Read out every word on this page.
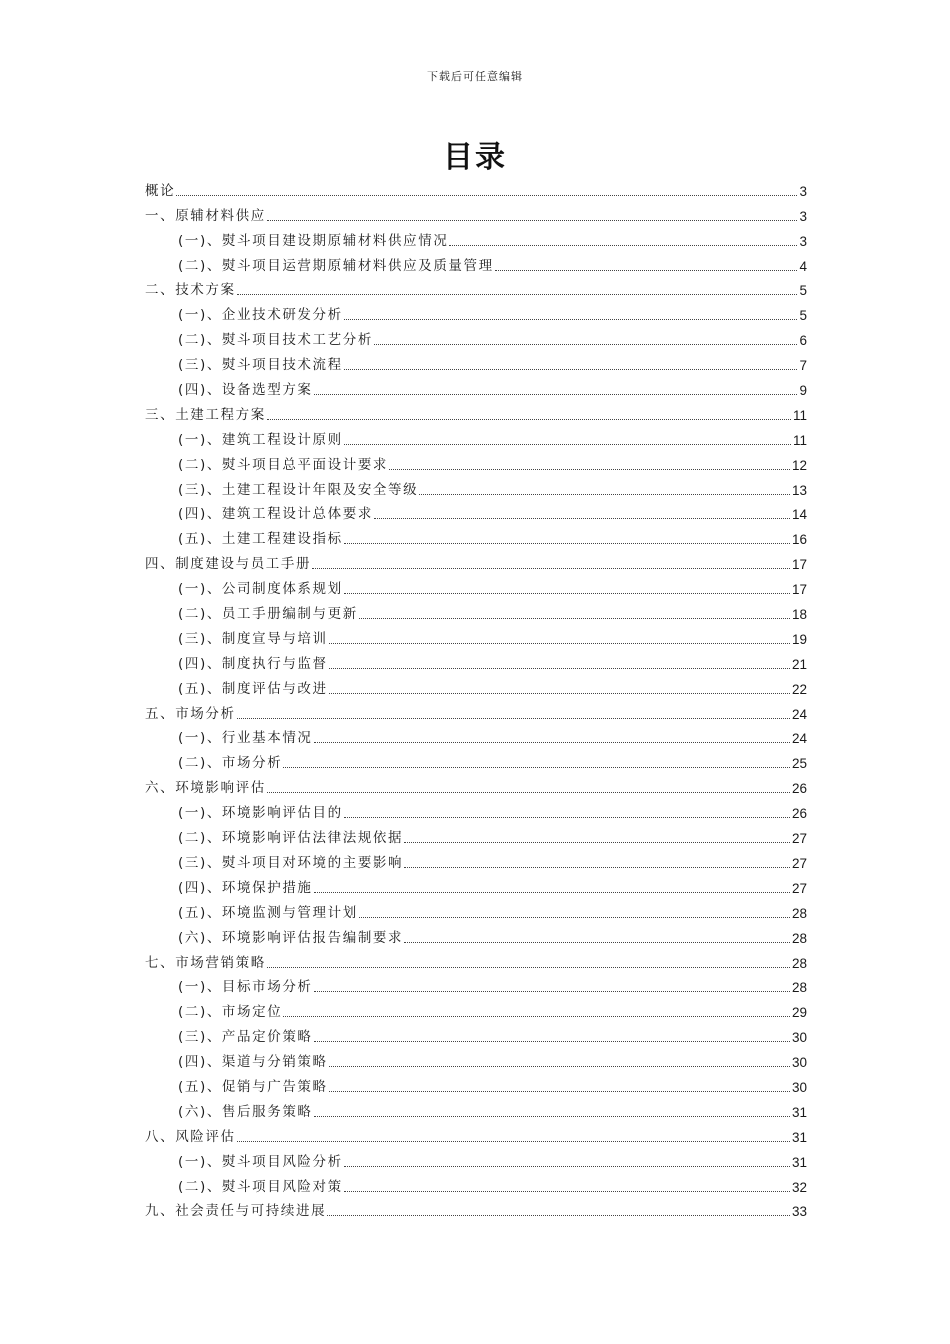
下载后可任意编辑
目录
概论	3
一、原辅材料供应	3
(一)、熨斗项目建设期原辅材料供应情况	3
(二)、熨斗项目运营期原辅材料供应及质量管理	4
二、技术方案	5
(一)、企业技术研发分析	5
(二)、熨斗项目技术工艺分析	6
(三)、熨斗项目技术流程	7
(四)、设备选型方案	9
三、土建工程方案	11
(一)、建筑工程设计原则	11
(二)、熨斗项目总平面设计要求	12
(三)、土建工程设计年限及安全等级	13
(四)、建筑工程设计总体要求	14
(五)、土建工程建设指标	16
四、制度建设与员工手册	17
(一)、公司制度体系规划	17
(二)、员工手册编制与更新	18
(三)、制度宣导与培训	19
(四)、制度执行与监督	21
(五)、制度评估与改进	22
五、市场分析	24
(一)、行业基本情况	24
(二)、市场分析	25
六、环境影响评估	26
(一)、环境影响评估目的	26
(二)、环境影响评估法律法规依据	27
(三)、熨斗项目对环境的主要影响	27
(四)、环境保护措施	27
(五)、环境监测与管理计划	28
(六)、环境影响评估报告编制要求	28
七、市场营销策略	28
(一)、目标市场分析	28
(二)、市场定位	29
(三)、产品定价策略	30
(四)、渠道与分销策略	30
(五)、促销与广告策略	30
(六)、售后服务策略	31
八、风险评估	31
(一)、熨斗项目风险分析	31
(二)、熨斗项目风险对策	32
九、社会责任与可持续进展	33
